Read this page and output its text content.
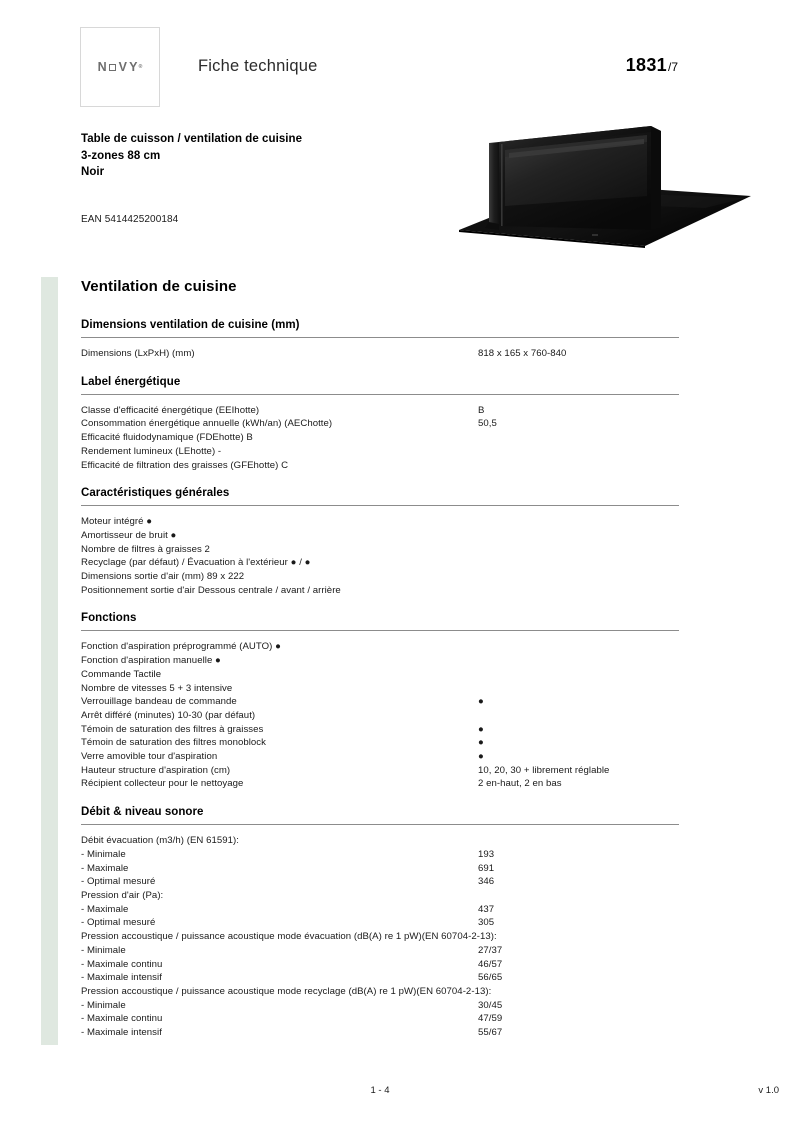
N VY ®	Fiche technique	1831/7
Table de cuisson / ventilation de cuisine
3-zones 88 cm
Noir
EAN 5414425200184
Ventilation de cuisine
Dimensions ventilation de cuisine (mm)
Dimensions (LxPxH) (mm)	818 x 165 x 760-840
Label énergétique
Classe d'efficacité énergétique (EEIhotte)	B
Consommation énergétique annuelle (kWh/an) (AEChotte)	50,5
Efficacité fluidodynamique (FDEhotte) B
Rendement lumineux (LEhotte) -
Efficacité de filtration des graisses (GFEhotte) C
Caractéristiques générales
Moteur intégré ●
Amortisseur de bruit ●
Nombre de filtres à graisses 2
Recyclage (par défaut) / Évacuation à l'extérieur ● / ●
Dimensions sortie d'air (mm) 89 x 222
Positionnement sortie d'air Dessous centrale / avant / arrière
Fonctions
Fonction d'aspiration préprogrammé (AUTO) ●
Fonction d'aspiration manuelle ●
Commande Tactile
Nombre de vitesses 5 + 3 intensive
Verrouillage bandeau de commande	●
Arrêt différé (minutes) 10-30 (par défaut)
Témoin de saturation des filtres à graisses	●
Témoin de saturation des filtres monoblock	●
Verre amovible tour d'aspiration	●
Hauteur structure d'aspiration (cm)	10, 20, 30 + librement réglable
Récipient collecteur pour le nettoyage	2 en-haut, 2 en bas
Débit & niveau sonore
Débit évacuation (m3/h) (EN 61591):
- Minimale	193
- Maximale	691
- Optimal mesuré	346
Pression d'air (Pa):
- Maximale	437
- Optimal mesuré	305
Pression accoustique / puissance acoustique mode évacuation (dB(A) re 1 pW)(EN 60704-2-13):
- Minimale	27/37
- Maximale continu	46/57
- Maximale intensif	56/65
Pression accoustique / puissance acoustique mode recyclage (dB(A) re 1 pW)(EN 60704-2-13):
- Minimale	30/45
- Maximale continu	47/59
- Maximale intensif	55/67
1 - 4	v 1.0
